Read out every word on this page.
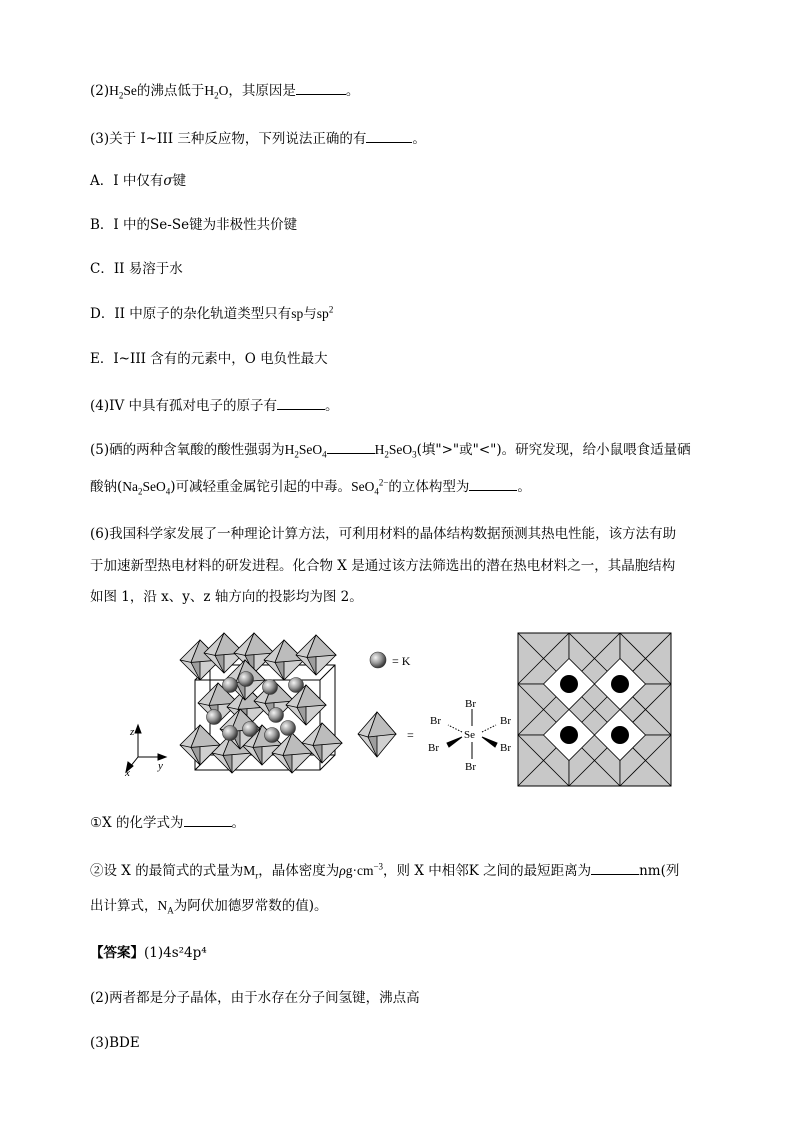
$(2)H_2Se$的沸点低于$H_2O$，其原因是	。
(3)关于 I~III 三种反应物，下列说法正确的有	。
A．I 中仅有σ键
B．I 中的Se-Se键为非极性共价键
C．II 易溶于水
D．II 中原子的杂化轨道类型只有sp与$sp^2$
E．I~III 含有的元素中，O 电负性最大
(4)IV 中具有孤对电子的原子有	。
(5)硒的两种含氧酸的酸性强弱为$H_2SeO_4$	$H_2SeO_3$(填">"或"<")。研究发现，给小鼠喂食适量硒
酸钠$(Na_2SeO_4)$可减轻重金属铊引起的中毒。SeO$_4^{2-}$的立体构型为	。
(6)我国科学家发展了一种理论计算方法，可利用材料的晶体结构数据预测其热电性能，该方法有助
于加速新型热电材料的研发进程。化合物 X 是通过该方法筛选出的潜在热电材料之一，其晶胞结构
如图 1，沿 x、y、z 轴方向的投影均为图 2。
z
y
x
= K
=
Br
Br	Br
Se
Br	Br
Br
①X 的化学式为	。
②设 X 的最简式的式量为$M_r$，晶体密度为$\rho g\cdot cm^{-3}$，则 X 中相邻K 之间的最短距离为	nm(列
出计算式，$N_A$为阿伏加德罗常数的值)。
【答案】(1)4s²4p⁴
(2)两者都是分子晶体，由于水存在分子间氢键，沸点高
(3)BDE
